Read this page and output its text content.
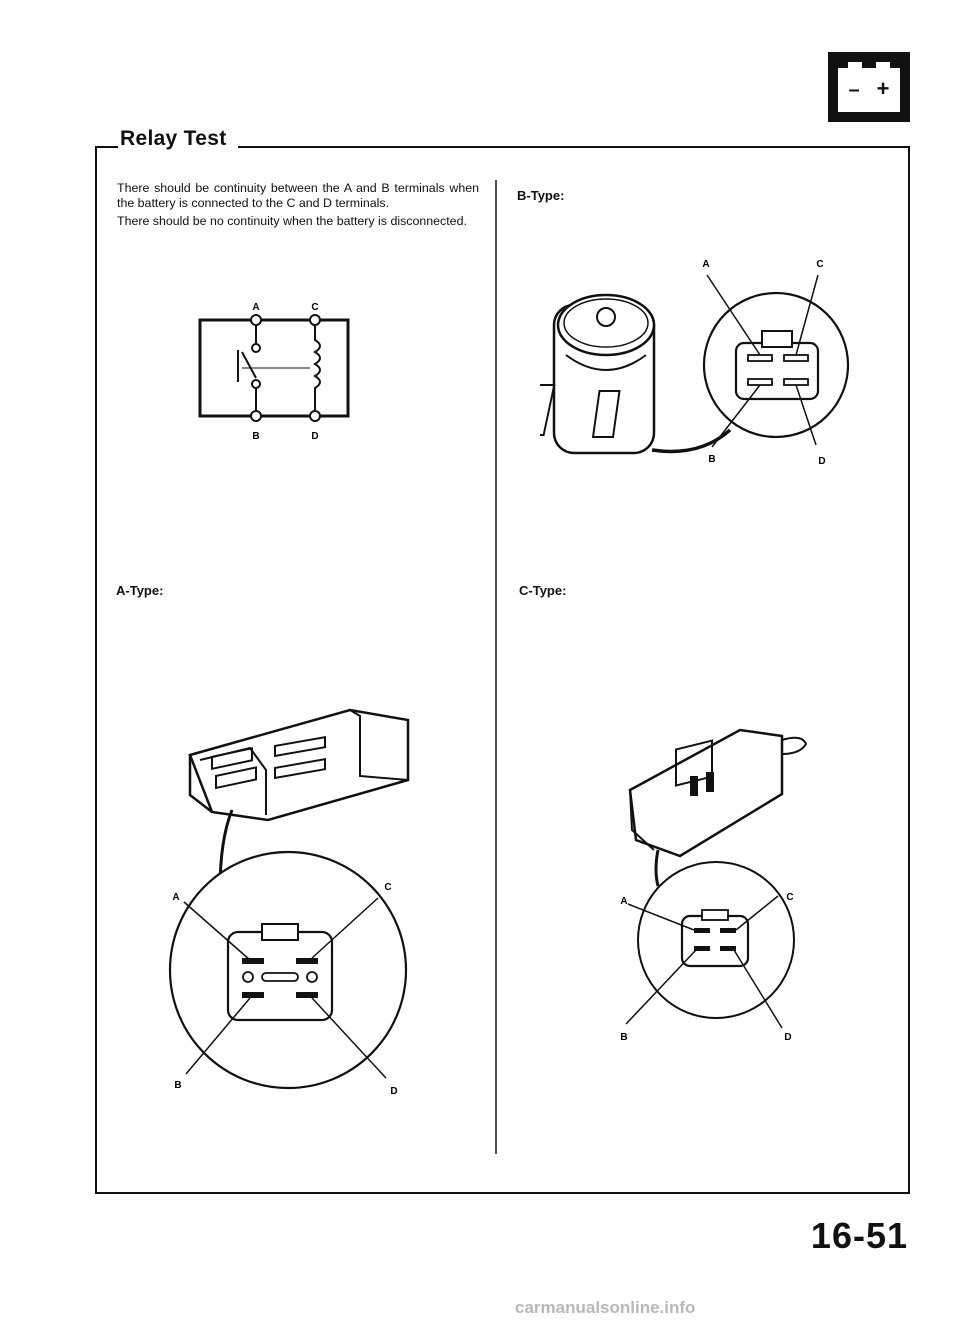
– +
Relay Test

There should be continuity between the A and B terminals when the battery is connected to the C and D terminals.

There should be no continuity when the battery is disconnected.

A	C
B	D
A-Type:
A
C
B
D
B-Type:
A	C
B	D
C-Type:
A	C
B	D
16-51
carmanualsonline.info
